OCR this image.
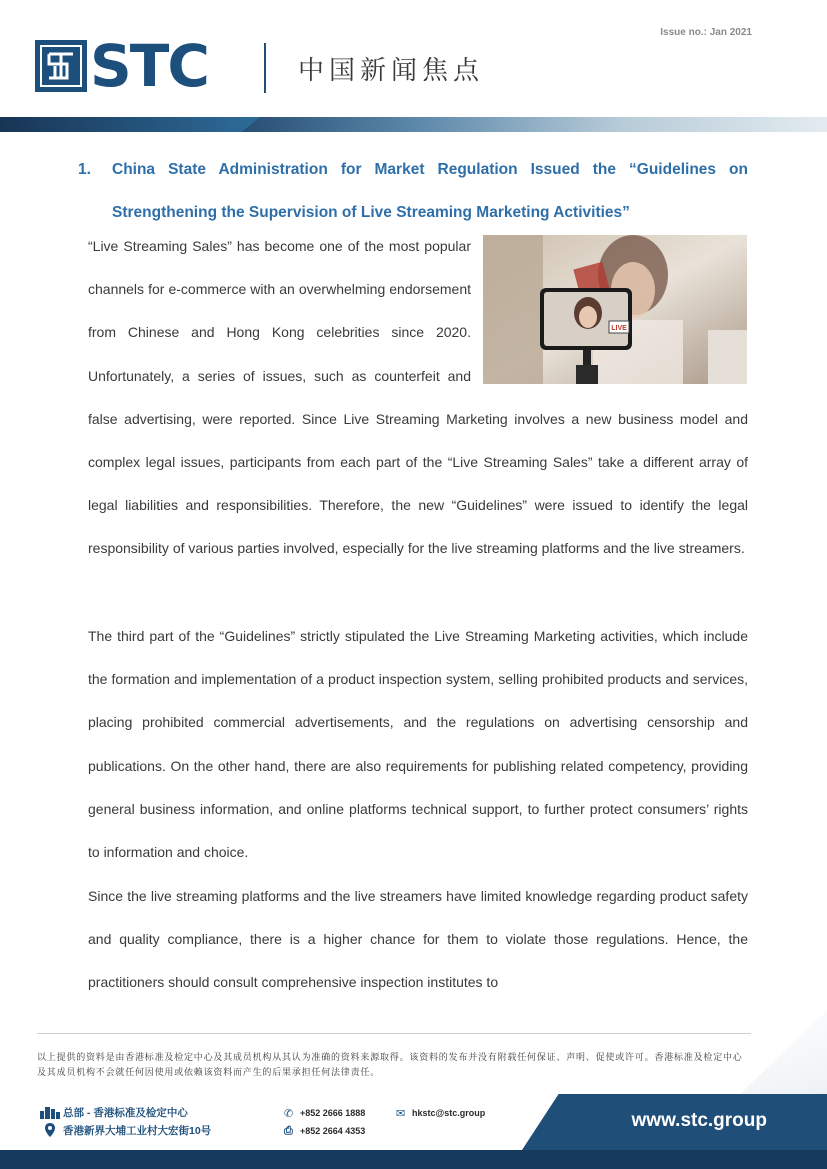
Issue no.: Jan 2021
STC	中国新闻焦点
1. China State Administration for Market Regulation Issued the “Guidelines on Strengthening the Supervision of Live Streaming Marketing Activities”
LIVE

“Live Streaming Sales” has become one of the most popular channels for e-commerce with an overwhelming endorsement from Chinese and Hong Kong celebrities since 2020. Unfortunately, a series of issues, such as counterfeit and false advertising, were reported. Since Live Streaming Marketing involves a new business model and complex legal issues, participants from each part of the “Live Streaming Sales” take a different array of legal liabilities and responsibilities. Therefore, the new “Guidelines” were issued to identify the legal responsibility of various parties involved, especially for the live streaming platforms and the live streamers.

The third part of the “Guidelines” strictly stipulated the Live Streaming Marketing activities, which include the formation and implementation of a product inspection system, selling prohibited products and services, placing prohibited commercial advertisements, and the regulations on advertising censorship and publications. On the other hand, there are also requirements for publishing related competency, providing general business information, and online platforms technical support, to further protect consumers’ rights to information and choice.

Since the live streaming platforms and the live streamers have limited knowledge regarding product safety and quality compliance, there is a higher chance for them to violate those regulations. Hence, the practitioners should consult comprehensive inspection institutes to

以上提供的资料是由香港标准及检定中心及其成员机构从其认为准确的资料来源取得。该资料的发布并没有附载任何保证、声明、促使或许可。香港标准及检定中心及其成员机构不会就任何因使用或依赖该资料而产生的后果承担任何法律责任。

总部 - 香港标准及检定中心
香港新界大埔工业村大宏街10号
✆ +852 2666 1888
⎙ +852 2664 4353
✉ hkstc@stc.group	www.stc.group
